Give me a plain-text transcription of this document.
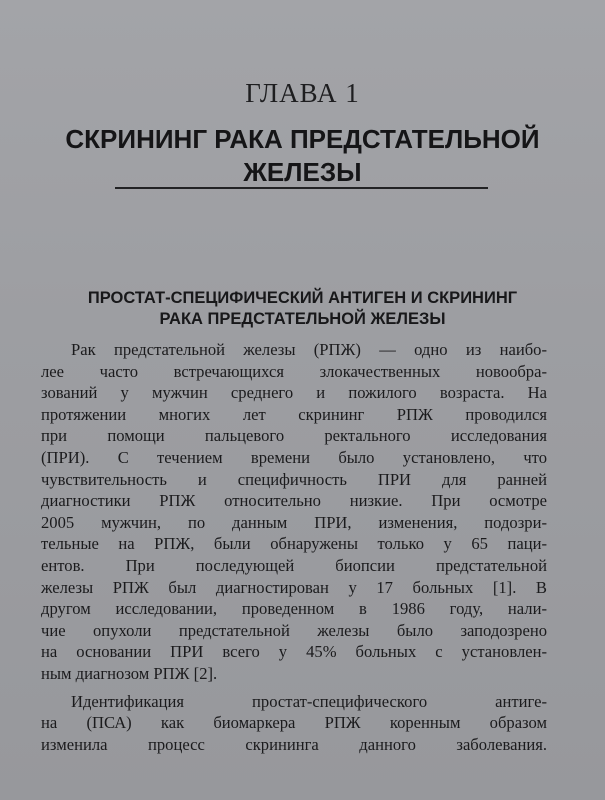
ГЛАВА 1
СКРИНИНГ РАКА ПРЕДСТАТЕЛЬНОЙ
ЖЕЛЕЗЫ
ПРОСТАТ-СПЕЦИФИЧЕСКИЙ АНТИГЕН И СКРИНИНГ
РАКА ПРЕДСТАТЕЛЬНОЙ ЖЕЛЕЗЫ
Рак предстательной железы (РПЖ) — одно из наибо-
лее часто встречающихся злокачественных новообра-
зований у мужчин среднего и пожилого возраста. На
протяжении многих лет скрининг РПЖ проводился
при помощи пальцевого ректального исследования
(ПРИ). С течением времени было установлено, что
чувствительность и специфичность ПРИ для ранней
диагностики РПЖ относительно низкие. При осмотре
2005 мужчин, по данным ПРИ, изменения, подозри-
тельные на РПЖ, были обнаружены только у 65 паци-
ентов. При последующей биопсии предстательной
железы РПЖ был диагностирован у 17 больных [1]. В
другом исследовании, проведенном в 1986 году, нали-
чие опухоли предстательной железы было заподозрено
на основании ПРИ всего у 45% больных с установлен-
ным диагнозом РПЖ [2].
Идентификация простат-специфического антиге-
на (ПСА) как биомаркера РПЖ коренным образом
изменила процесс скрининга данного заболевания.
